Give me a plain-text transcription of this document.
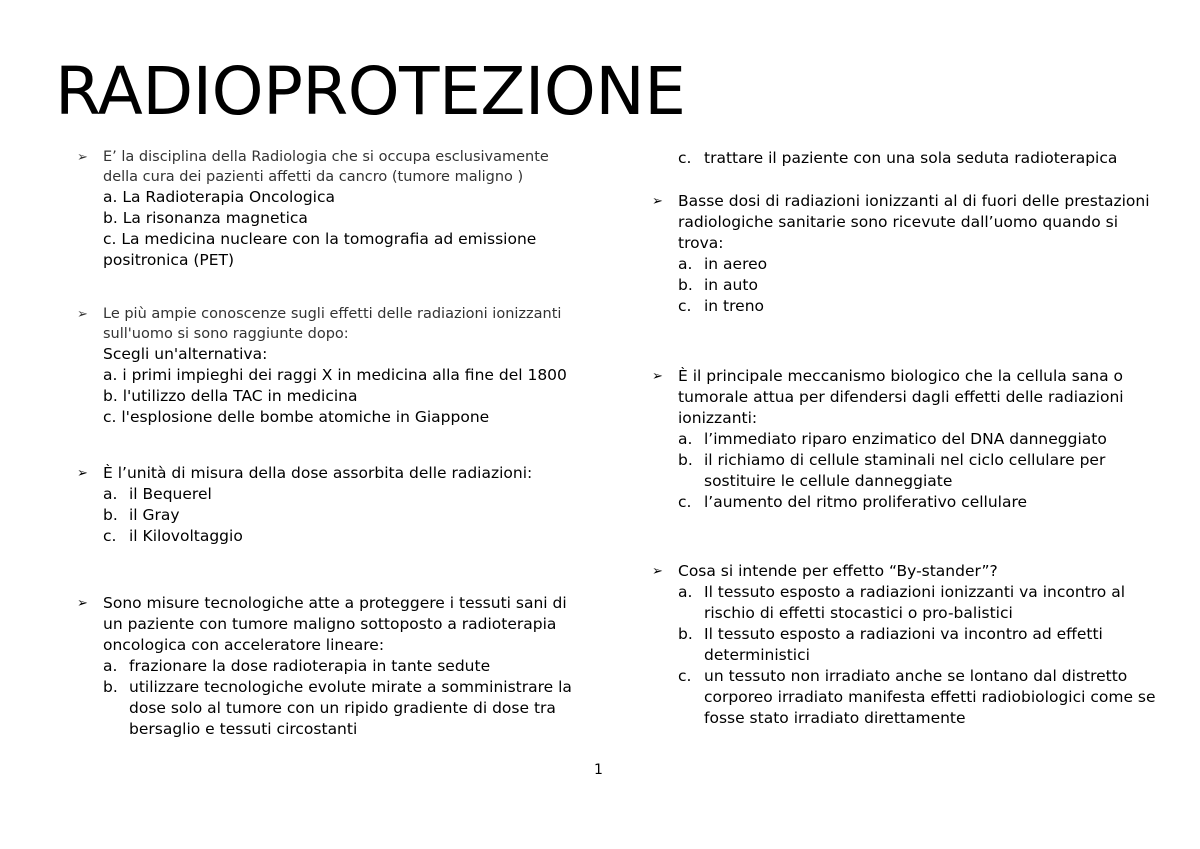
RADIOPROTEZIONE
➢ E’ la disciplina della Radiologia che si occupa esclusivamente della cura dei pazienti affetti da cancro (tumore maligno )
a. La Radioterapia Oncologica
b. La risonanza magnetica
c. La medicina nucleare con la tomografia ad emissione positronica (PET)
➢ Le più ampie conoscenze sugli effetti delle radiazioni ionizzanti sull'uomo si sono raggiunte dopo:
Scegli un'alternativa:
a. i primi impieghi dei raggi X in medicina alla fine del 1800
b. l'utilizzo della TAC in medicina
c. l'esplosione delle bombe atomiche in Giappone
➢ È l’unità di misura della dose assorbita delle radiazioni:
a. il Bequerel
b. il Gray
c. il Kilovoltaggio
➢ Sono misure tecnologiche atte a proteggere i tessuti sani di un paziente con tumore maligno sottoposto a radioterapia oncologica con acceleratore lineare:
a. frazionare la dose radioterapia in tante sedute
b. utilizzare tecnologiche evolute mirate a somministrare la dose solo al tumore con un ripido gradiente di dose tra bersaglio e tessuti circostanti
c. trattare il paziente con una sola seduta radioterapica
➢ Basse dosi di radiazioni ionizzanti al di fuori delle prestazioni radiologiche sanitarie sono ricevute dall’uomo quando si trova:
a. in aereo
b. in auto
c. in treno
➢ È il principale meccanismo biologico che la cellula sana o tumorale attua per difendersi dagli effetti delle radiazioni ionizzanti:
a. l’immediato riparo enzimatico del DNA danneggiato
b. il richiamo di cellule staminali nel ciclo cellulare per sostituire le cellule danneggiate
c. l’aumento del ritmo proliferativo cellulare
➢ Cosa si intende per effetto “By-stander”?
a. Il tessuto esposto a radiazioni ionizzanti va incontro al rischio di effetti stocastici o pro-balistici
b. Il tessuto esposto a radiazioni va incontro ad effetti deterministici
c. un tessuto non irradiato anche se lontano dal distretto corporeo irradiato manifesta effetti radiobiologici come se fosse stato irradiato direttamente
1
